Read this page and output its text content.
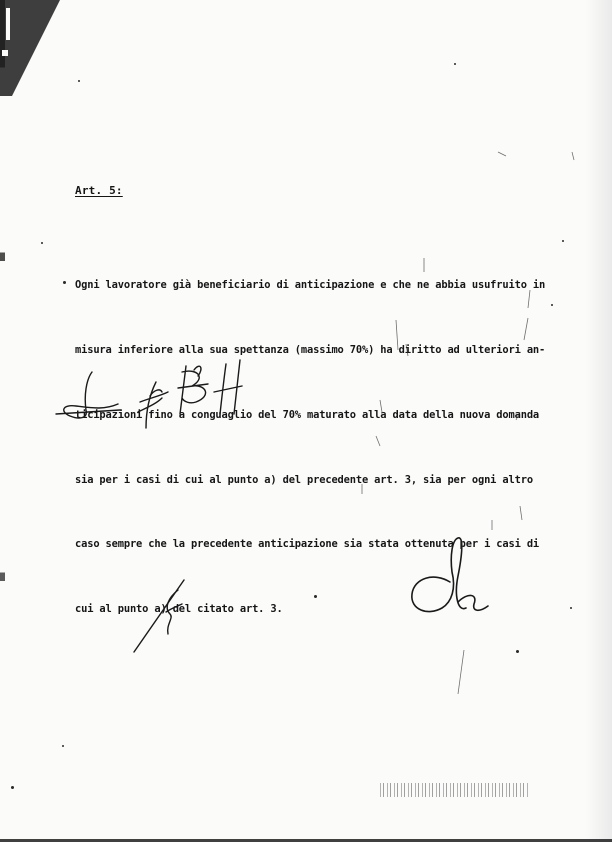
Art. 5:

Ogni lavoratore già beneficiario di anticipazione e che ne abbia usufruito in

misura inferiore alla sua spettanza (massimo 70%) ha diritto ad ulteriori an-

ticipazioni fino a conguaglio del 70% maturato alla data della nuova domanda

sia per i casi di cui al punto a) del precedente art. 3, sia per ogni altro

caso sempre che la precedente anticipazione sia stata ottenuta per i casi di

cui al punto a) del citato art. 3.
